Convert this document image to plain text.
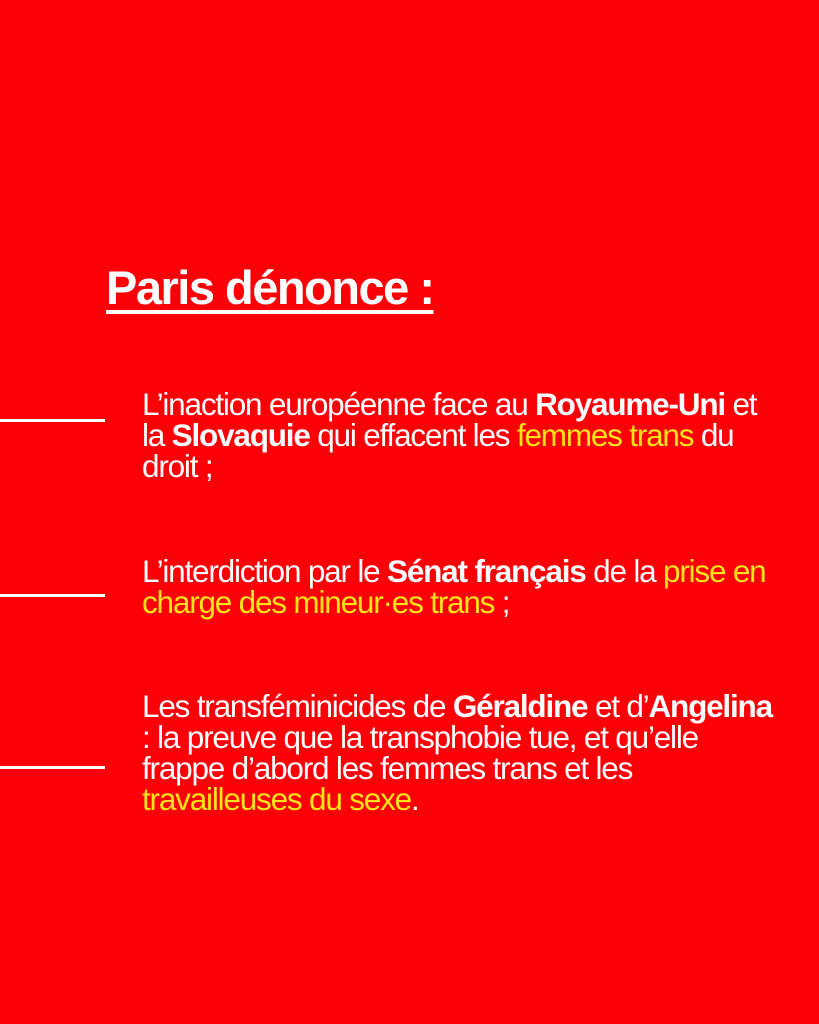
Paris dénonce :
L’inaction européenne face au Royaume-Uni et la Slovaquie qui effacent les femmes trans du droit ;
L’interdiction par le Sénat français de la prise en charge des mineur·es trans ;
Les transféminicides de Géraldine et d’Angelina : la preuve que la transphobie tue, et qu’elle frappe d’abord les femmes trans et les travailleuses du sexe.
